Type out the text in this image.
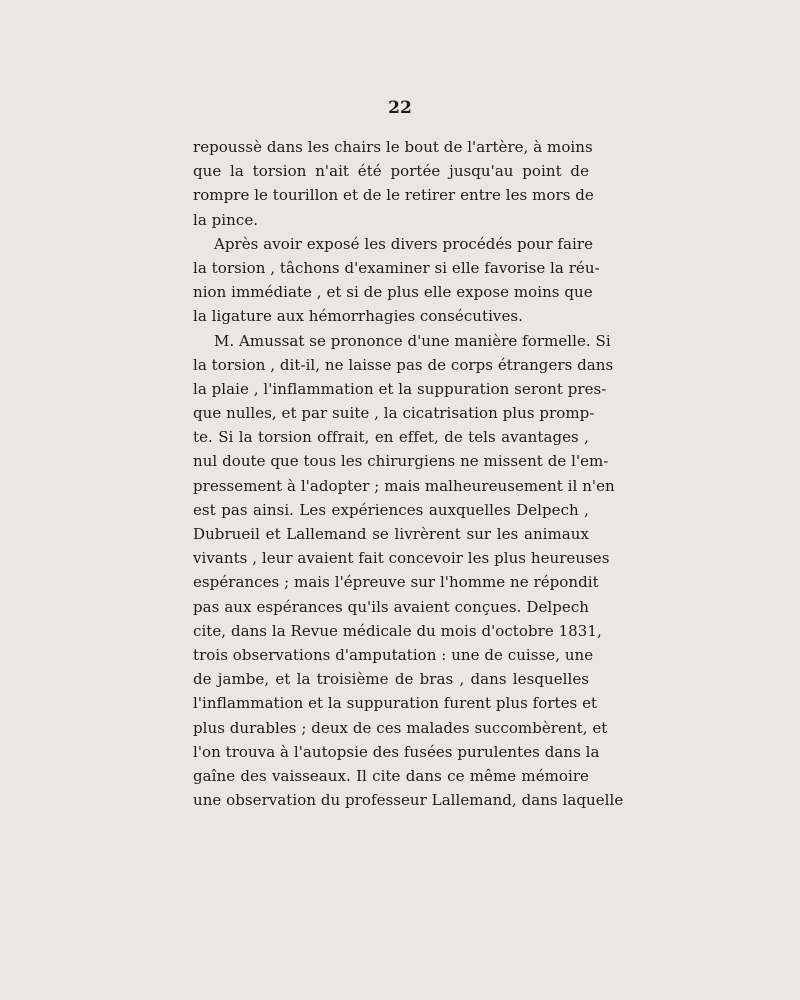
22
repoussè dans les chairs le bout de l'artère, à moins
que la torsion n'ait été portée jusqu'au point de
rompre le tourillon et de le retirer entre les mors de
la pince.
Après avoir exposé les divers procédés pour faire
la torsion , tâchons d'examiner si elle favorise la réu-
nion immédiate , et si de plus elle expose moins que
la ligature aux hémorrhagies consécutives.
M. Amussat se prononce d'une manière formelle. Si
la torsion , dit-il, ne laisse pas de corps étrangers dans
la plaie , l'inflammation et la suppuration seront pres-
que nulles, et par suite , la cicatrisation plus promp-
te. Si la torsion offrait, en effet, de tels avantages ,
nul doute que tous les chirurgiens ne missent de l'em-
pressement à l'adopter ; mais malheureusement il n'en
est pas ainsi. Les expériences auxquelles Delpech ,
Dubrueil et Lallemand se livrèrent sur les animaux
vivants , leur avaient fait concevoir les plus heureuses
espérances ; mais l'épreuve sur l'homme ne répondit
pas aux espérances qu'ils avaient conçues. Delpech
cite, dans la Revue médicale du mois d'octobre 1831,
trois observations d'amputation : une de cuisse, une
de jambe, et la troisième de bras , dans lesquelles
l'inflammation et la suppuration furent plus fortes et
plus durables ; deux de ces malades succombèrent, et
l'on trouva à l'autopsie des fusées purulentes dans la
gaîne des vaisseaux. Il cite dans ce même mémoire
une observation du professeur Lallemand, dans laquelle
